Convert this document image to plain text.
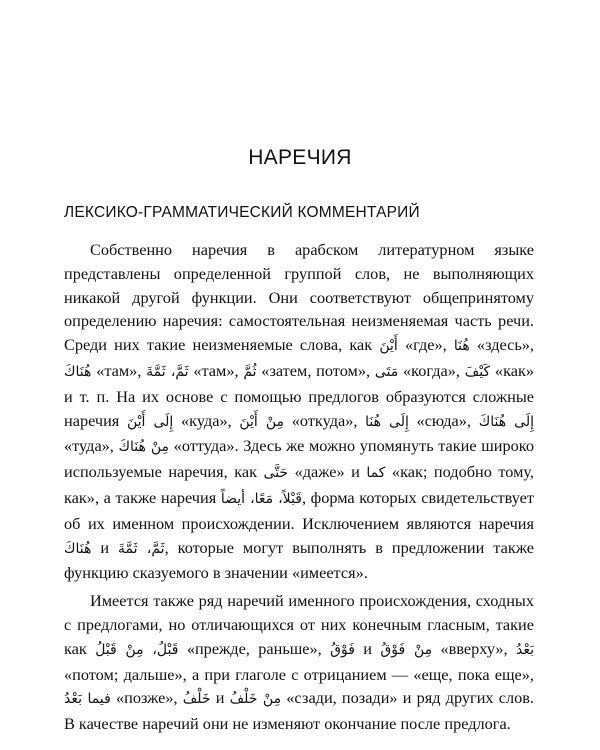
НАРЕЧИЯ
ЛЕКСИКО-ГРАММАТИЧЕСКИЙ КОММЕНТАРИЙ

Собственно наречия в арабском литературном языке представлены определенной группой слов, не выполняющих никакой другой функции. Они соответствуют общепринятому определению наречия: самостоятельная неизменяемая часть речи. Среди них такие неизменяемые слова, как أَيْنَ «где», هُنَا «здесь», هُنَاكَ «там», ثَمَّ، ثَمَّةَ «там», ثُمَّ «затем, потом», مَتَى «когда», كَيْفَ «как» и т. п. На их основе с помощью предлогов образуются сложные наречия إِلَى أَيْنَ «куда», مِنْ أَيْنَ «откуда», إِلَى هُنَا «сюда», إِلَى هُنَاكَ «туда», مِنْ هُنَاكَ «оттуда». Здесь же можно упомянуть такие широко используемые наречия, как حَتَّى «даже» и كما «как; подобно тому, как», а также наречия قَبْلاً، مَعًا، أيضاً, форма которых свидетельствует об их именном происхождении. Исключением являются наречия هُنَاكَ и ثَمَّ، ثَمَّةَ, которые могут выполнять в предложении также функцию сказуемого в значении «имеется».

Имеется также ряд наречий именного происхождения, сходных с предлогами, но отличающихся от них конечным гласным, такие как قَبْلُ، مِنْ قَبْلُ «прежде, раньше», فَوْقُ и مِنْ فَوْقُ «вверху», بَعْدُ «потом; дальше», а при глаголе с отрицанием — «еще, пока еще», فيما بَعْدُ «позже», خَلْفُ и مِنْ خَلْفُ «сзади, позади» и ряд других слов. В качестве наречий они не изменяют окончание после предлога.
